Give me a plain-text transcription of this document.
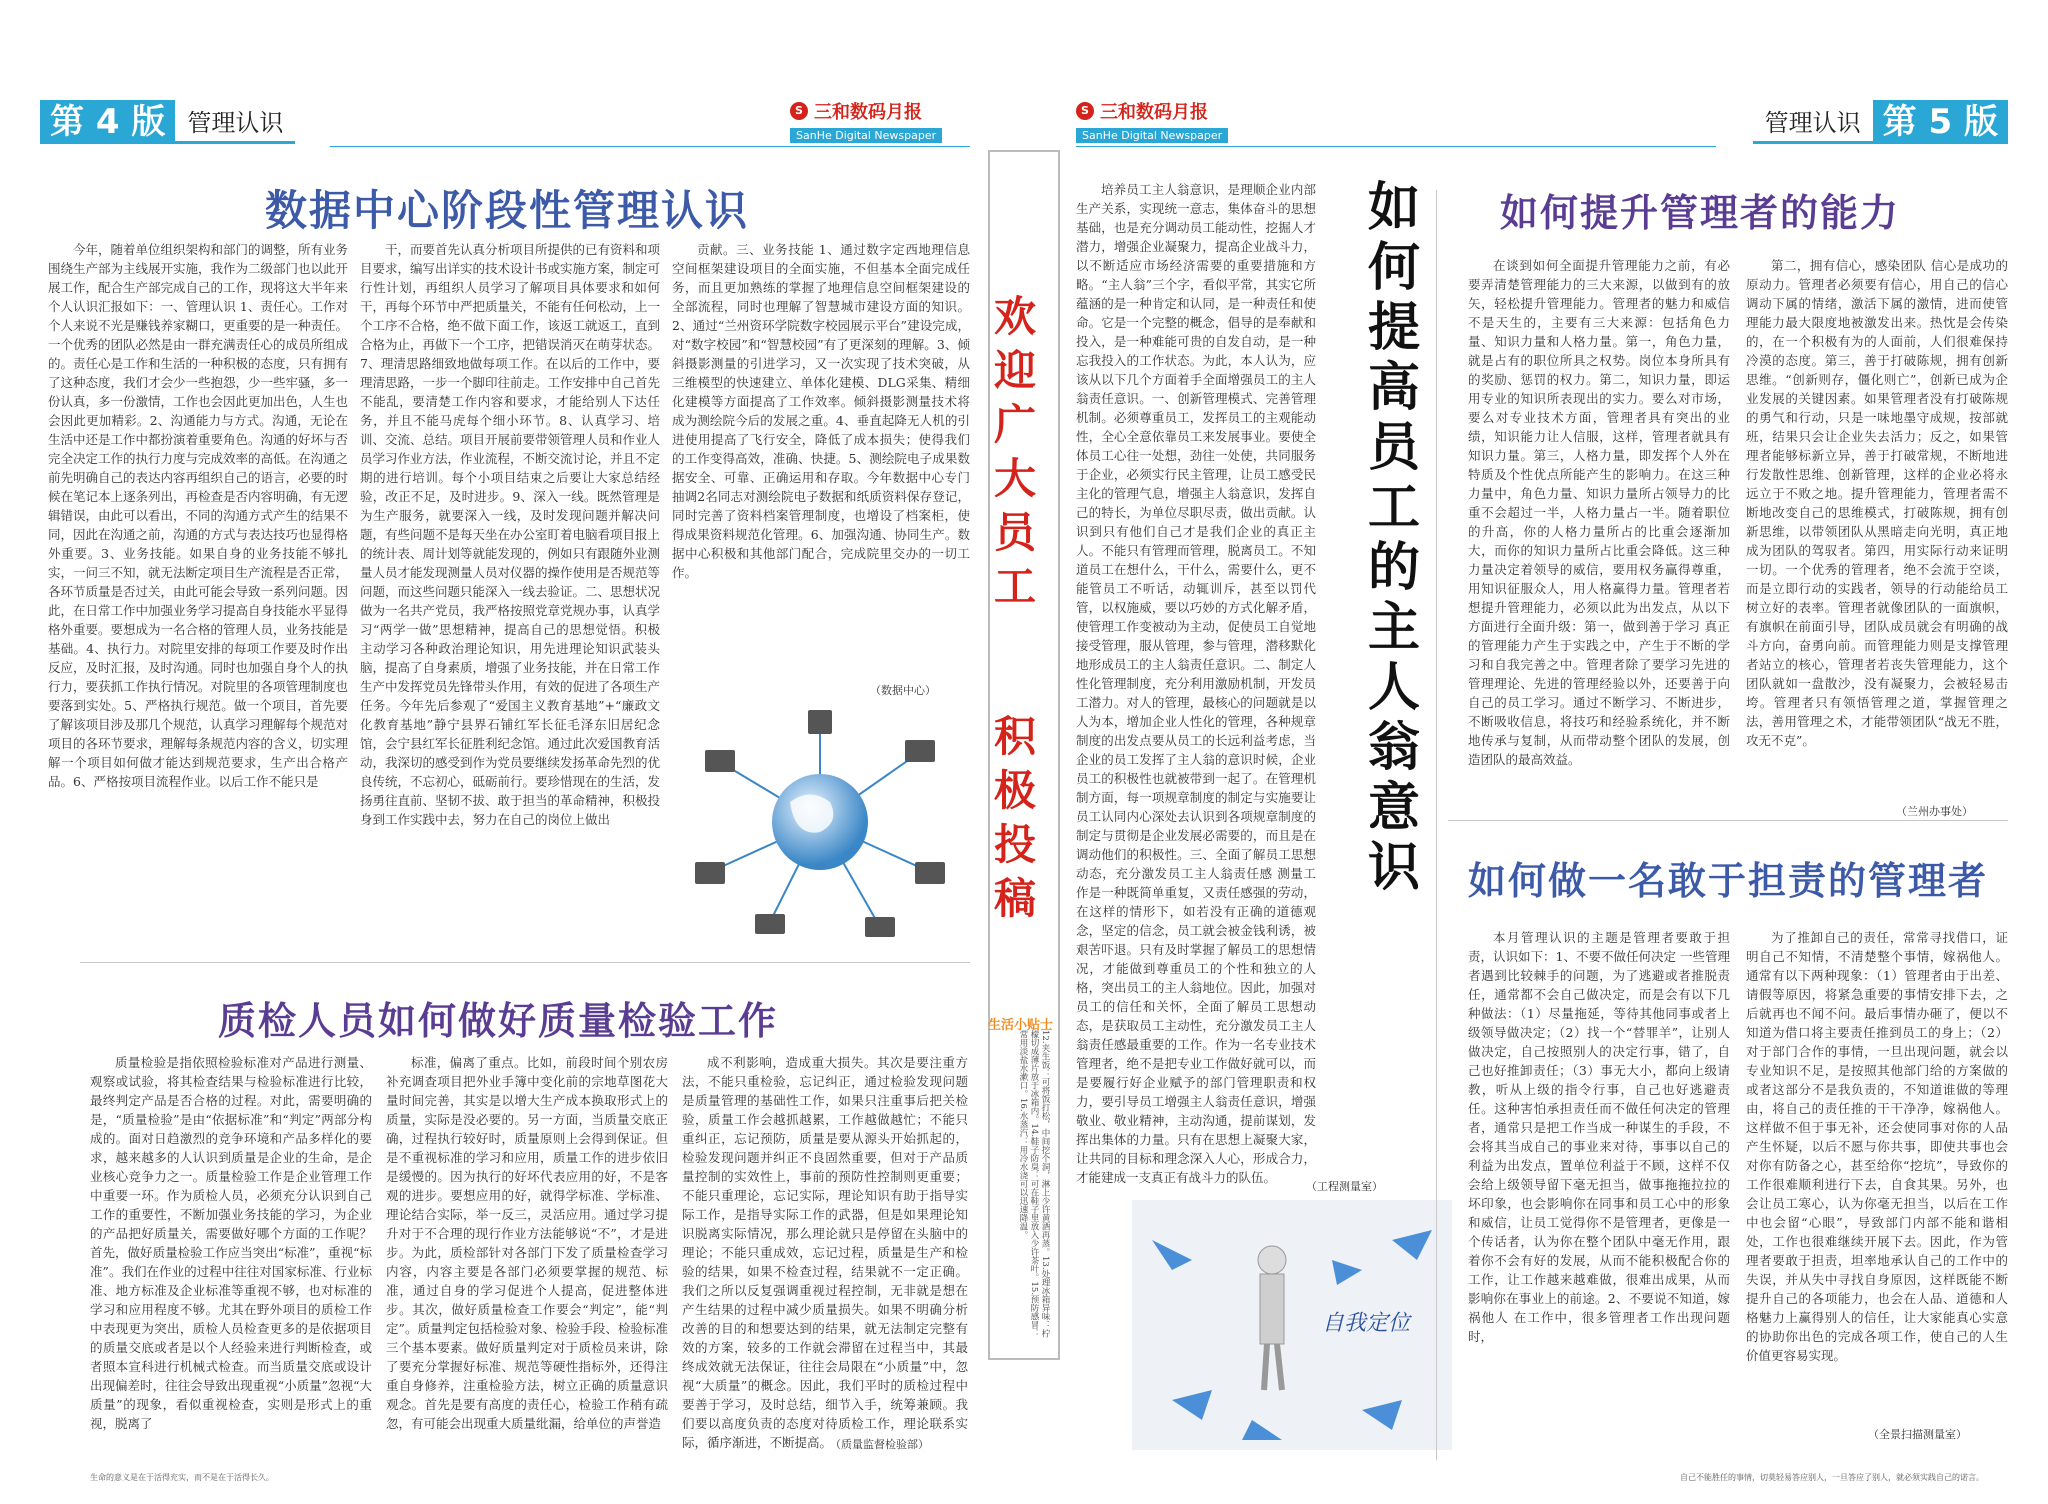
第 4 版 管理认识	S 三和数码月报
SanHe Digital Newspaper
数据中心阶段性管理认识

今年，随着单位组织架构和部门的调整，所有业务围绕生产部为主线展开实施，我作为二级部门也以此开展工作，配合生产部完成自己的工作，现将这大半年来个人认识汇报如下：一、管理认识 1、责任心。工作对个人来说不光是赚钱养家糊口，更重要的是一种责任。一个优秀的团队必然是由一群充满责任心的成员所组成的。责任心是工作和生活的一种积极的态度，只有拥有了这种态度，我们才会少一些抱怨，少一些牢骚，多一份认真，多一份激情，工作也会因此更加出色，人生也会因此更加精彩。2、沟通能力与方式。沟通，无论在生活中还是工作中都扮演着重要角色。沟通的好坏与否完全决定工作的执行力度与完成效率的高低。在沟通之前先明确自己的表达内容再组织自己的语言，必要的时候在笔记本上逐条列出，再检查是否内容明确，有无逻辑错误，由此可以看出，不同的沟通方式产生的结果不同，因此在沟通之前，沟通的方式与表达技巧也显得格外重要。3、业务技能。如果自身的业务技能不够扎实，一问三不知，就无法断定项目生产流程是否正常，各环节质量是否过关，由此可能会导致一系列问题。因此，在日常工作中加强业务学习提高自身技能水平显得格外重要。要想成为一名合格的管理人员，业务技能是基础。4、执行力。对院里安排的每项工作要及时作出反应，及时汇报，及时沟通。同时也加强自身个人的执行力，要获抓工作执行情况。对院里的各项管理制度也要落到实处。5、严格执行规范。做一个项目，首先要了解该项目涉及那几个规范，认真学习理解每个规范对项目的各环节要求，理解每条规范内容的含义，切实理解一个项目如何做才能达到规范要求，生产出合格产品。6、严格按项目流程作业。以后工作不能只是

干，而要首先认真分析项目所提供的已有资料和项目要求，编写出详实的技术设计书或实施方案，制定可行性计划，再组织人员学习了解项目具体要求和如何干，再每个环节中严把质量关，不能有任何松动，上一个工序不合格，绝不做下面工作，该返工就返工，直到合格为止，再做下一个工序，把错误消灭在萌芽状态。7、理清思路细致地做每项工作。在以后的工作中，要理清思路，一步一个脚印往前走。工作安排中自己首先不能乱，要清楚工作内容和要求，才能给别人下达任务，并且不能马虎每个细小环节。8、认真学习、培训、交流、总结。项目开展前要带领管理人员和作业人员学习作业方法，作业流程，不断交流讨论，并且不定期的进行培训。每个小项目结束之后要让大家总结经验，改正不足，及时进步。9、深入一线。既然管理是为生产服务，就要深入一线，及时发现问题并解决问题，有些问题不是每天坐在办公室盯着电脑看项目报上的统计表、周计划等就能发现的，例如只有跟随外业测量人员才能发现测量人员对仪器的操作使用是否规范等问题，而这些问题只能深入一线去验证。二、思想状况 做为一名共产党员，我严格按照党章党规办事，认真学习“两学一做”思想精神，提高自己的思想觉悟。积极主动学习各种政治理论知识，用先进理论知识武装头脑，提高了自身素质，增强了业务技能，并在日常工作生产中发挥党员先锋带头作用，有效的促进了各项生产任务。今年先后参观了“爱国主义教育基地”+“廉政文化教育基地”静宁县界石铺红军长征毛泽东旧居纪念馆，会宁县红军长征胜利纪念馆。通过此次爱国教育活动，我深切的感受到作为党员要继续发扬革命先烈的优良传统，不忘初心，砥砺前行。要珍惜现在的生活，发扬勇往直前、坚韧不拔、敢于担当的革命精神，积极投身到工作实践中去，努力在自己的岗位上做出

贡献。三、业务技能 1、通过数字定西地理信息空间框架建设项目的全面实施，不但基本全面完成任务，而且更加熟练的掌握了地理信息空间框架建设的全部流程，同时也理解了智慧城市建设方面的知识。2、通过“兰州资环学院数字校园展示平台”建设完成，对“数字校园”和“智慧校园”有了更深刻的理解。3、倾斜摄影测量的引进学习，又一次实现了技术突破，从三维模型的快速建立、单体化建模、DLG采集、精细化建模等方面提高了工作效率。倾斜摄影测量技术将成为测绘院今后的发展之重。4、垂直起降无人机的引进使用提高了飞行安全，降低了成本损失；使得我们的工作变得高效，准确、快捷。5、测绘院电子成果数据安全、可靠、正确运用和存取。今年数据中心专门抽调2名同志对测绘院电子数据和纸质资料保存登记，同时完善了资料档案管理制度，也增设了档案柜，使得成果资料规范化管理。6、加强沟通、协同生产。数据中心积极和其他部门配合，完成院里交办的一切工作。

（数据中心）
质检人员如何做好质量检验工作

质量检验是指依照检验标准对产品进行测量、观察或试验，将其检查结果与检验标准进行比较，最终判定产品是否合格的过程。对此，需要明确的是，“质量检验”是由“依据标准”和“判定”两部分构成的。面对日趋激烈的竞争环境和产品多样化的要求，越来越多的人认识到质量是企业的生命，是企业核心竞争力之一。质量检验工作是企业管理工作中重要一环。作为质检人员，必须充分认识到自己工作的重要性，不断加强业务技能的学习，为企业的产品把好质量关，需要做好哪个方面的工作呢？首先，做好质量检验工作应当突出“标准”，重视“标准”。我们在作业的过程中往往对国家标准、行业标准、地方标准及企业标准等重视不够，也对标准的学习和应用程度不够。尤其在野外项目的质检工作中表现更为突出，质检人员检查更多的是依据项目的质量交底或者是以个人经验来进行判断检查，或者照本宣科进行机械式检查。而当质量交底或设计出现偏差时，往往会导致出现重视“小质量”忽视“大质量”的现象，看似重视检查，实则是形式上的重视，脱离了

标准，偏离了重点。比如，前段时间个别农房补充调查项目把外业手簿中变化前的宗地草图花大量时间完善，其实是以增大生产成本换取形式上的质量，实际是没必要的。另一方面，当质量交底正确，过程执行较好时，质量原则上会得到保证。但是不重视标准的学习和应用，质量工作的进步依旧是缓慢的。因为执行的好坏代表应用的好，不是客观的进步。要想应用的好，就得学标准、学标准、理论结合实际，举一反三，灵活应用。通过学习提升对于不合理的现行作业方法能够说“不”，才是进步。为此，质检部针对各部门下发了质量检查学习内容，内容主要是各部门必须要掌握的规范、标准，通过自身的学习促进个人提高，促进整体进步。其次，做好质量检查工作要会“判定”，能“判定”。质量判定包括检验对象、检验手段、检验标准三个基本要素。做好质量判定对于质检员来讲，除了要充分掌握好标准、规范等硬性指标外，还得注重自身修养，注重检验方法，树立正确的质量意识观念。首先是要有高度的责任心，检验工作稍有疏忽，有可能会出现重大质量纰漏，给单位的声誉造

成不利影响，造成重大损失。其次是要注重方法，不能只重检验，忘记纠正，通过检验发现问题是质量管理的基础性工作，如果只注重事后把关检验，质量工作会越抓越累，工作越做越忙；不能只重纠正，忘记预防，质量是要从源头开始抓起的，检验发现问题并纠正不良固然重要，但对于产品质量控制的实效性上，事前的预防性控制则更重要；不能只重理论，忘记实际，理论知识有助于指导实际工作，是指导实际工作的武器，但是如果理论知识脱离实际情况，那么理论就只是停留在头脑中的理论；不能只重成效，忘记过程，质量是生产和检验的结果，如果不检查过程，结果就不一定正确。我们之所以反复强调重视过程控制，无非就是想在产生结果的过程中减少质量损失。如果不明确分析改善的目的和想要达到的结果，就无法制定完整有效的方案，较多的工作就会滞留在过程当中，其最终成效就无法保证，往往会局限在“小质量”中，忽视“大质量”的概念。因此，我们平时的质检过程中要善于学习，及时总结，细节入手，统筹兼顾。我们要以高度负责的态度对待质检工作，理论联系实际，循序渐进，不断提高。

（质量监督检验部）
欢迎广大员工
积极投稿
生活小贴士
12.夹生饭：可将饭打松，中间挖个洞，淋上少许黄酒再蒸。13.处理冰箱异味：柠檬切成薄片放于冰箱内。14.鞋子防臭：可在鞋子里放入少许茶叶。15.预防感冒：常用淡盐水漱口。16.水蒸汽：用冷水浇可以迅速降温。
S 三和数码月报
SanHe Digital Newspaper	管理认识 第 5 版

培养员工主人翁意识，是理顺企业内部生产关系，实现统一意志，集体奋斗的思想基础，也是充分调动员工能动性，挖掘人才潜力，增强企业凝聚力，提高企业战斗力，以不断适应市场经济需要的重要措施和方略。“主人翁”三个字，看似平常，其实它所蕴涵的是一种肯定和认同，是一种责任和使命。它是一个完整的概念，倡导的是奉献和投入，是一种难能可贵的自发自动，是一种忘我投入的工作状态。为此，本人认为，应该从以下几个方面着手全面增强员工的主人翁责任意识。一、创新管理模式、完善管理机制。必须尊重员工，发挥员工的主观能动性，全心全意依靠员工来发展事业。要使全体员工心往一处想，劲往一处使，共同服务于企业，必须实行民主管理，让员工感受民主化的管理气息，增强主人翁意识，发挥自己的特长，为单位尽职尽责，做出贡献。认识到只有他们自己才是我们企业的真正主人。不能只有管理而管理，脱离员工。不知道员工在想什么，干什么，需要什么，更不能管员工不听话，动辄训斥，甚至以罚代管，以权施威，要以巧妙的方式化解矛盾，使管理工作变被动为主动，促使员工自觉地接受管理，服从管理，参与管理，潜移默化地形成员工的主人翁责任意识。二、制定人性化管理制度，充分利用激励机制，开发员工潜力。对人的管理，最核心的问题就是以人为本，增加企业人性化的管理，各种规章制度的出发点要从员工的长远利益考虑，当企业的员工发挥了主人翁的意识时候，企业员工的积极性也就被带到一起了。在管理机制方面，每一项规章制度的制定与实施要让员工认同内心深处去认识到各项规章制度的制定与贯彻是企业发展必需要的，而且是在调动他们的积极性。三、全面了解员工思想动态，充分激发员工主人翁责任感 测量工作是一种既简单重复，又责任感强的劳动，在这样的情形下，如若没有正确的道德观念，坚定的信念，员工就会被金钱利诱，被艰苦吓退。只有及时掌握了解员工的思想情况，才能做到尊重员工的个性和独立的人格，突出员工的主人翁地位。因此，加强对员工的信任和关怀，全面了解员工思想动态，是获取员工主动性，充分激发员工主人翁责任感最重要的工作。作为一名专业技术管理者，绝不是把专业工作做好就可以，而是要履行好企业赋予的部门管理职责和权力，要引导员工增强主人翁责任意识，增强敬业、敬业精神，主动沟通，提前谋划，发挥出集体的力量。只有在思想上凝聚大家，让共同的目标和理念深入人心，形成合力，才能建成一支真正有战斗力的队伍。

如何提高员工的主人翁意识
（工程测量室）
自我定位
如何提升管理者的能力

在谈到如何全面提升管理能力之前，有必要弄清楚管理能力的三大来源，以做到有的放矢，轻松提升管理能力。管理者的魅力和威信不是天生的，主要有三大来源：包括角色力量、知识力量和人格力量。第一，角色力量，就是占有的职位所具之权势。岗位本身所具有的奖励、惩罚的权力。第二，知识力量，即运用专业的知识所表现出的实力。要么对市场，要么对专业技术方面，管理者具有突出的业绩，知识能力让人信服，这样，管理者就具有知识力量。第三，人格力量，即发挥个人外在特质及个性优点所能产生的影响力。在这三种力量中，角色力量、知识力量所占领导力的比重不会超过一半，人格力量占一半。随着职位的升高，你的人格力量所占的比重会逐渐加大，而你的知识力量所占比重会降低。这三种力量决定着领导的威信，要用权务赢得尊重，用知识征服众人，用人格赢得力量。管理者若想提升管理能力，必须以此为出发点，从以下方面进行全面升级：第一，做到善于学习 真正的管理能力产生于实践之中，产生于不断的学习和自我完善之中。管理者除了要学习先进的管理理论、先进的管理经验以外，还要善于向自己的员工学习。通过不断学习、不断进步，不断吸收信息，将技巧和经验系统化，并不断地传承与复制，从而带动整个团队的发展，创造团队的最高效益。

第二，拥有信心，感染团队 信心是成功的原动力。管理者必须要有信心，用自己的信心调动下属的情绪，激活下属的激情，进而使管理能力最大限度地被激发出来。热忱是会传染的，在一个积极有为的人面前，人们很难保持冷漠的态度。第三，善于打破陈规，拥有创新思维。“创新则存，僵化则亡”，创新已成为企业发展的关键因素。如果管理者没有打破陈规的勇气和行动，只是一味地墨守成规，按部就班，结果只会让企业失去活力；反之，如果管理者能够标新立异，善于打破常规，不断地进行发散性思维、创新管理，这样的企业必将永远立于不败之地。提升管理能力，管理者需不断地改变自己的思维模式，打破陈规，拥有创新思维，以带领团队从黑暗走向光明，真正地成为团队的驾驭者。第四，用实际行动来证明一切。一个优秀的管理者，绝不会流于空谈，而是立即行动的实践者，领导的行动能给员工树立好的表率。管理者就像团队的一面旗帜，有旗帜在前面引导，团队成员就会有明确的战斗方向，奋勇向前。而管理能力则是支撑管理者站立的核心，管理者若丧失管理能力，这个团队就如一盘散沙，没有凝聚力，会被轻易击垮。管理者只有领悟管理之道，掌握管理之法，善用管理之术，才能带领团队“战无不胜，攻无不克”。

（兰州办事处）
如何做一名敢于担责的管理者

本月管理认识的主题是管理者要敢于担责，认识如下：1、不要不做任何决定 一些管理者遇到比较棘手的问题，为了逃避或者推脱责任，通常都不会自己做决定，而是会有以下几种做法：（1）尽量拖延，等待其他同事或者上级领导做决定；（2）找一个“替罪羊”，让别人做决定，自己按照别人的决定行事，错了，自己也好推卸责任；（3）事无大小，都向上级请教，听从上级的指令行事，自己也好逃避责任。这种害怕承担责任而不做任何决定的管理者，通常只是把工作当成一种谋生的手段，不会将其当成自己的事业来对待，事事以自己的利益为出发点，置单位利益于不顾，这样不仅会给上级领导留下毫无担当，做事拖拖拉拉的坏印象，也会影响你在同事和员工心中的形象和威信，让员工觉得你不是管理者，更像是一个传话者，认为你在整个团队中毫无作用，跟着你不会有好的发展，从而不能积极配合你的工作，让工作越来越难做，很难出成果，从而影响你在事业上的前途。2、不要说不知道，嫁祸他人 在工作中，很多管理者工作出现问题时，

为了推卸自己的责任，常常寻找借口，证明自己不知情，不清楚整个事情，嫁祸他人。通常有以下两种现象：（1）管理者由于出差、请假等原因，将紧急重要的事情安排下去，之后就再也不闻不问。最后事情办砸了，便以不知道为借口将主要责任推到员工的身上；（2）对于部门合作的事情，一旦出现问题，就会以专业知识不足，是按照其他部门给的方案做的或者这部分不是我负责的，不知道谁做的等理由，将自己的责任推的干干净净，嫁祸他人。这样做不但于事无补，还会使同事对你的人品产生怀疑，以后不愿与你共事，即使共事也会对你有防备之心，甚至给你“挖坑”，导致你的工作很难顺利进行下去，自食其果。另外，也会让员工寒心，认为你毫无担当，以后在工作中也会留“心眼”，导致部门内部不能和谐相处，工作也很难继续开展下去。因此，作为管理者要敢于担责，坦率地承认自己的工作中的失误，并从失中寻找自身原因，这样既能不断提升自己的各项能力，也会在人品、道德和人格魅力上赢得别人的信任，让大家能真心实意的协助你出色的完成各项工作，使自己的人生价值更容易实现。

（全景扫描测量室）
生命的意义是在于活得充实，而不是在于活得长久。	自己不能胜任的事情，切莫轻易答应别人，一旦答应了别人，就必须实践自己的诺言。
